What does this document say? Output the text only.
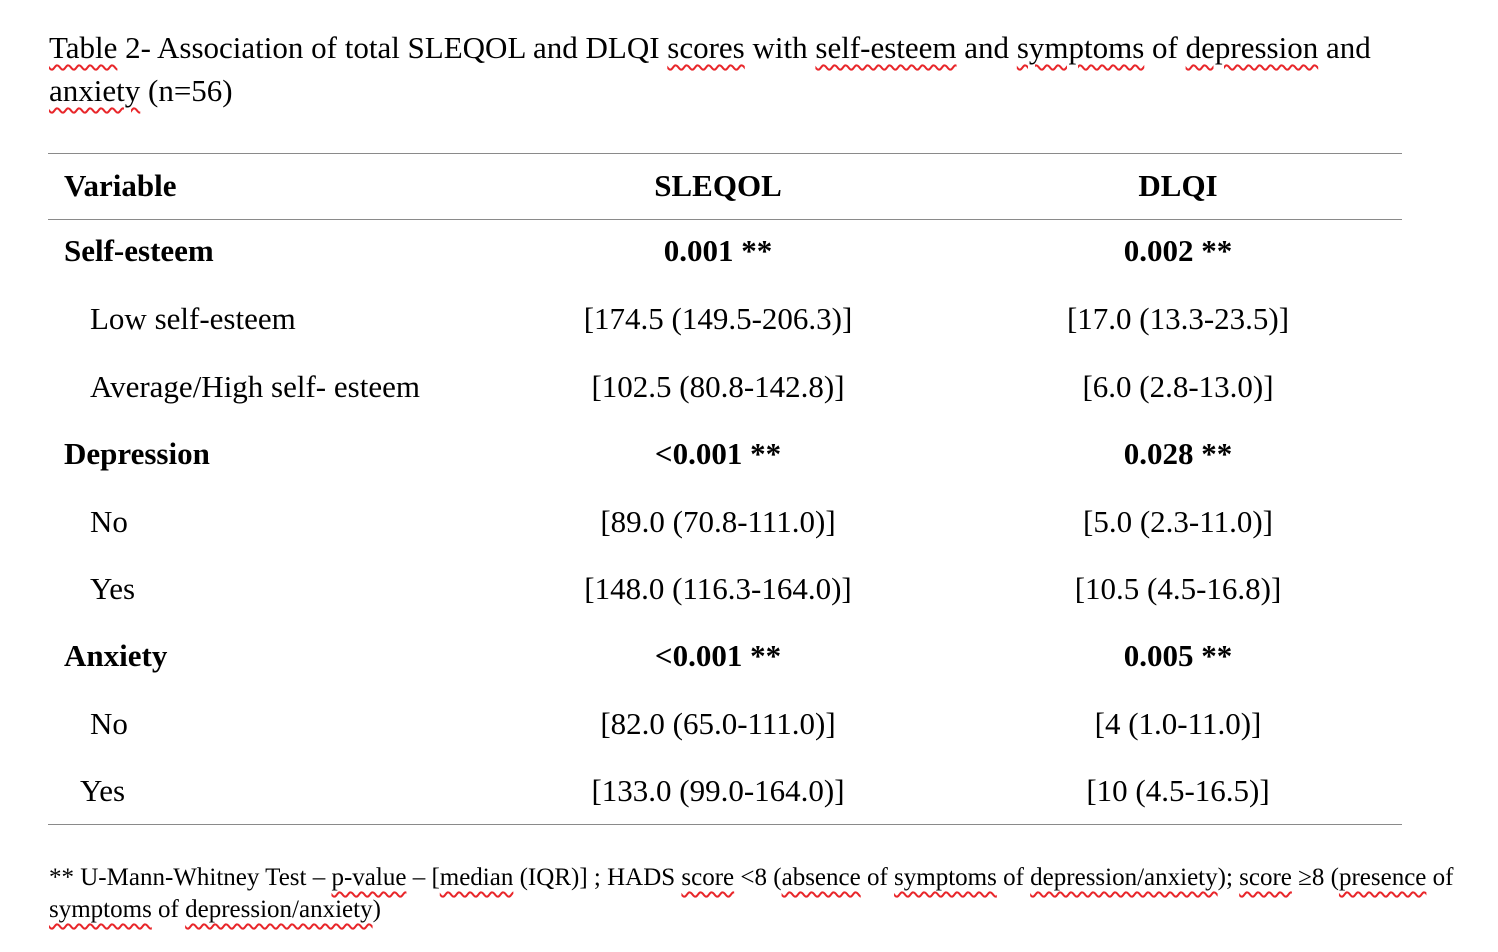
Table 2- Association of total SLEQOL and DLQI scores with self-esteem and symptoms of depression and anxiety (n=56)
Variable	SLEQOL	DLQI
Self-esteem	0.001 **	0.002 **
Low self-esteem	[174.5 (149.5-206.3)]	[17.0 (13.3-23.5)]
Average/High self- esteem	[102.5 (80.8-142.8)]	[6.0 (2.8-13.0)]
Depression	<0.001 **	0.028 **
No	[89.0 (70.8-111.0)]	[5.0 (2.3-11.0)]
Yes	[148.0 (116.3-164.0)]	[10.5 (4.5-16.8)]
Anxiety	<0.001 **	0.005 **
No	[82.0 (65.0-111.0)]	[4 (1.0-11.0)]
Yes	[133.0 (99.0-164.0)]	[10 (4.5-16.5)]
** U-Mann-Whitney Test – p-value – [median (IQR)] ; HADS score <8 (absence of symptoms of depression/anxiety); score ≥8 (presence of symptoms of depression/anxiety)
